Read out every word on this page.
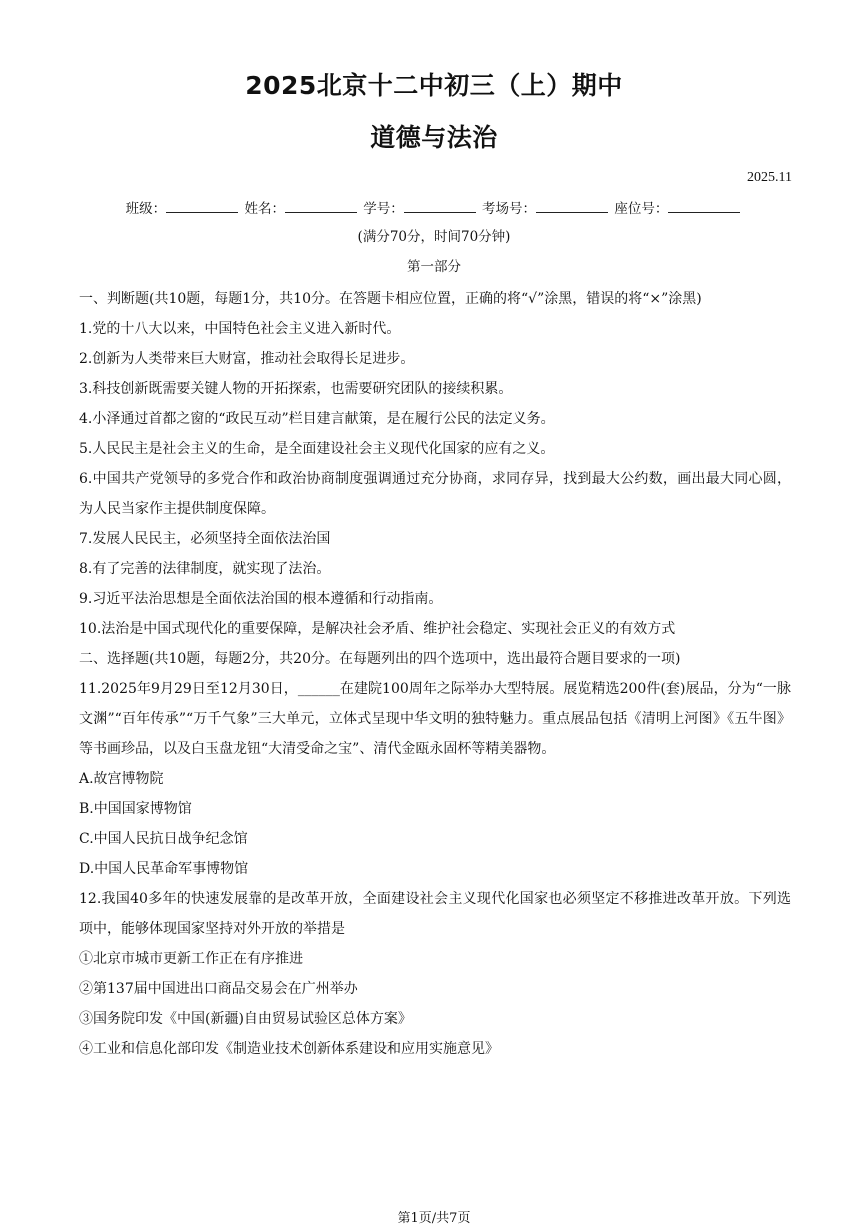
2025北京十二中初三（上）期中
道德与法治
2025.11
班级：	姓名：	学号：	考场号：	座位号：
(满分70分，时间70分钟)
第一部分

一、判断题(共10题，每题1分，共10分。在答题卡相应位置，正确的将“√”涂黑，错误的将“×”涂黑)

1.党的十八大以来，中国特色社会主义进入新时代。

2.创新为人类带来巨大财富，推动社会取得长足进步。

3.科技创新既需要关键人物的开拓探索，也需要研究团队的接续积累。

4.小泽通过首都之窗的“政民互动”栏目建言献策，是在履行公民的法定义务。

5.人民民主是社会主义的生命，是全面建设社会主义现代化国家的应有之义。

6.中国共产党领导的多党合作和政治协商制度强调通过充分协商，求同存异，找到最大公约数，画出最大同心圆，为人民当家作主提供制度保障。

7.发展人民民主，必须坚持全面依法治国

8.有了完善的法律制度，就实现了法治。

9.习近平法治思想是全面依法治国的根本遵循和行动指南。

10.法治是中国式现代化的重要保障，是解决社会矛盾、维护社会稳定、实现社会正义的有效方式

二、选择题(共10题，每题2分，共20分。在每题列出的四个选项中，选出最符合题目要求的一项)

11.2025年9月29日至12月30日，______在建院100周年之际举办大型特展。展览精选200件(套)展品，分为“一脉文渊”“百年传承”“万千气象”三大单元，立体式呈现中华文明的独特魅力。重点展品包括《清明上河图》《五牛图》等书画珍品，以及白玉盘龙钮“大清受命之宝”、清代金瓯永固杯等精美器物。

A.故宫博物院

B.中国国家博物馆

C.中国人民抗日战争纪念馆

D.中国人民革命军事博物馆

12.我国40多年的快速发展靠的是改革开放，全面建设社会主义现代化国家也必须坚定不移推进改革开放。下列选项中，能够体现国家坚持对外开放的举措是

①北京市城市更新工作正在有序推进

②第137届中国进出口商品交易会在广州举办

③国务院印发《中国(新疆)自由贸易试验区总体方案》

④工业和信息化部印发《制造业技术创新体系建设和应用实施意见》

第1页/共7页
